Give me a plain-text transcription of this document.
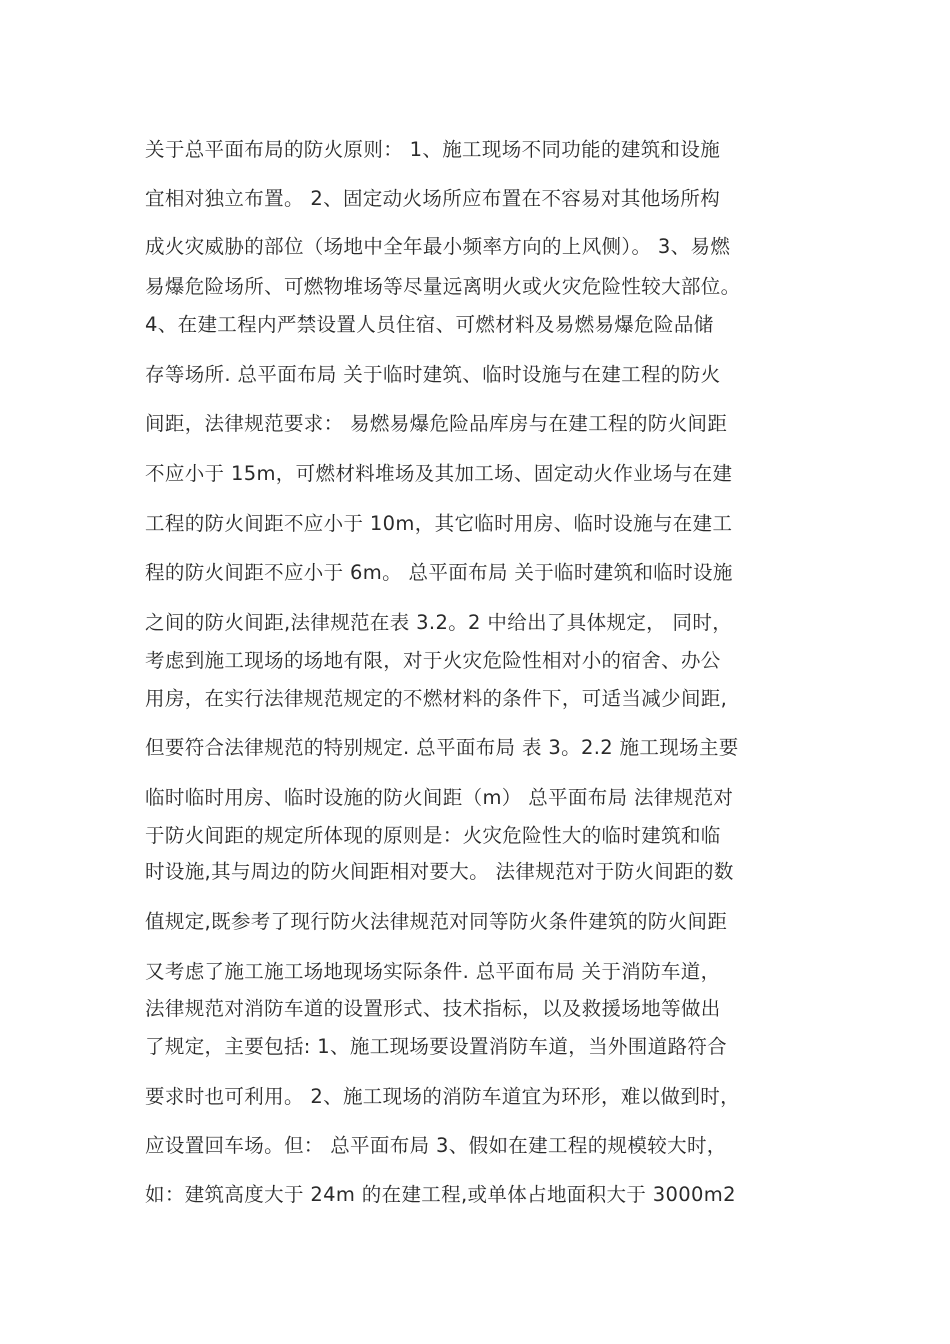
关于总平面布局的防火原则： 1、施工现场不同功能的建筑和设施
宜相对独立布置。 2、固定动火场所应布置在不容易对其他场所构
成火灾威胁的部位（场地中全年最小频率方向的上风侧）。 3、易燃
易爆危险场所、可燃物堆场等尽量远离明火或火灾危险性较大部位。
4、在建工程内严禁设置人员住宿、可燃材料及易燃易爆危险品储
存等场所. 总平面布局 关于临时建筑、临时设施与在建工程的防火
间距，法律规范要求： 易燃易爆危险品库房与在建工程的防火间距
不应小于 15m，可燃材料堆场及其加工场、固定动火作业场与在建
工程的防火间距不应小于 10m，其它临时用房、临时设施与在建工
程的防火间距不应小于 6m。 总平面布局 关于临时建筑和临时设施
之间的防火间距,法律规范在表 3.2。2 中给出了具体规定， 同时，
考虑到施工现场的场地有限，对于火灾危险性相对小的宿舍、办公
用房，在实行法律规范规定的不燃材料的条件下，可适当减少间距,
但要符合法律规范的特别规定. 总平面布局 表 3。2.2 施工现场主要
临时临时用房、临时设施的防火间距（m） 总平面布局 法律规范对
于防火间距的规定所体现的原则是：火灾危险性大的临时建筑和临
时设施,其与周边的防火间距相对要大。 法律规范对于防火间距的数
值规定,既参考了现行防火法律规范对同等防火条件建筑的防火间距
又考虑了施工施工场地现场实际条件. 总平面布局 关于消防车道，
法律规范对消防车道的设置形式、技术指标，以及救援场地等做出
了规定，主要包括: 1、施工现场要设置消防车道，当外围道路符合
要求时也可利用。 2、施工现场的消防车道宜为环形，难以做到时，
应设置回车场。但： 总平面布局 3、假如在建工程的规模较大时，
如：建筑高度大于 24m 的在建工程,或单体占地面积大于 3000m2
